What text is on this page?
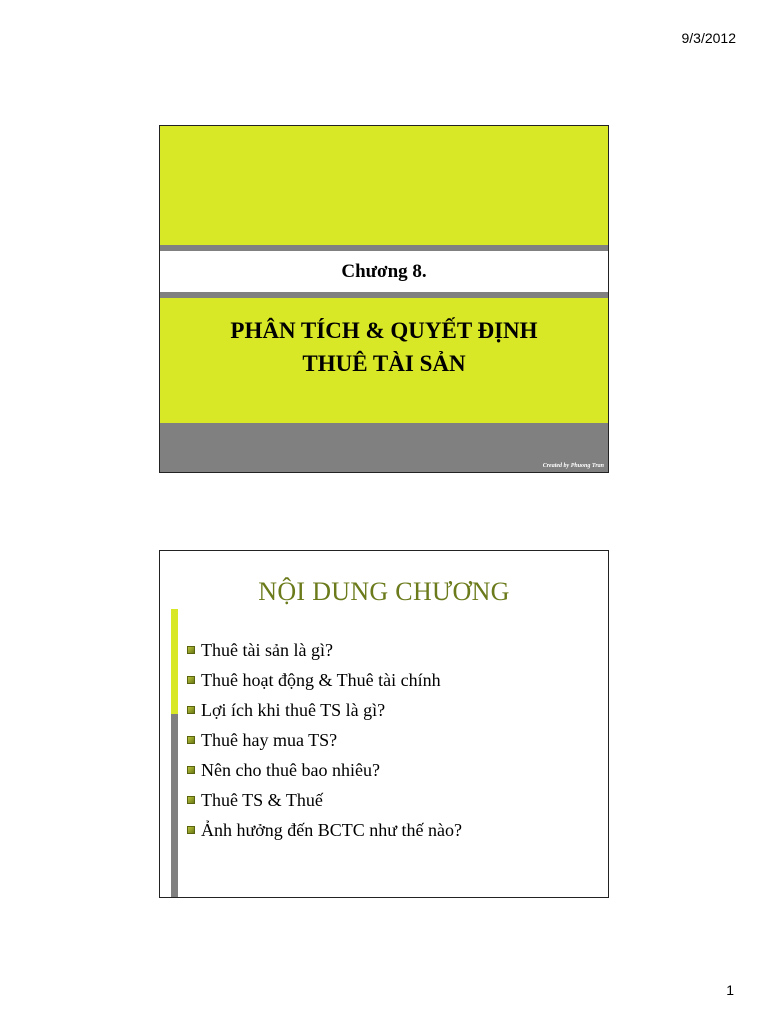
9/3/2012
Chương 8.
PHÂN TÍCH & QUYẾT ĐỊNH
THUÊ TÀI SẢN
Created by Phuong Tran
NỘI DUNG CHƯƠNG
Thuê tài sản là gì?
Thuê hoạt động & Thuê tài chính
Lợi ích khi thuê TS là gì?
Thuê hay mua TS?
Nên cho thuê bao nhiêu?
Thuê TS & Thuế
Ảnh hưởng đến BCTC như thế nào?
1
